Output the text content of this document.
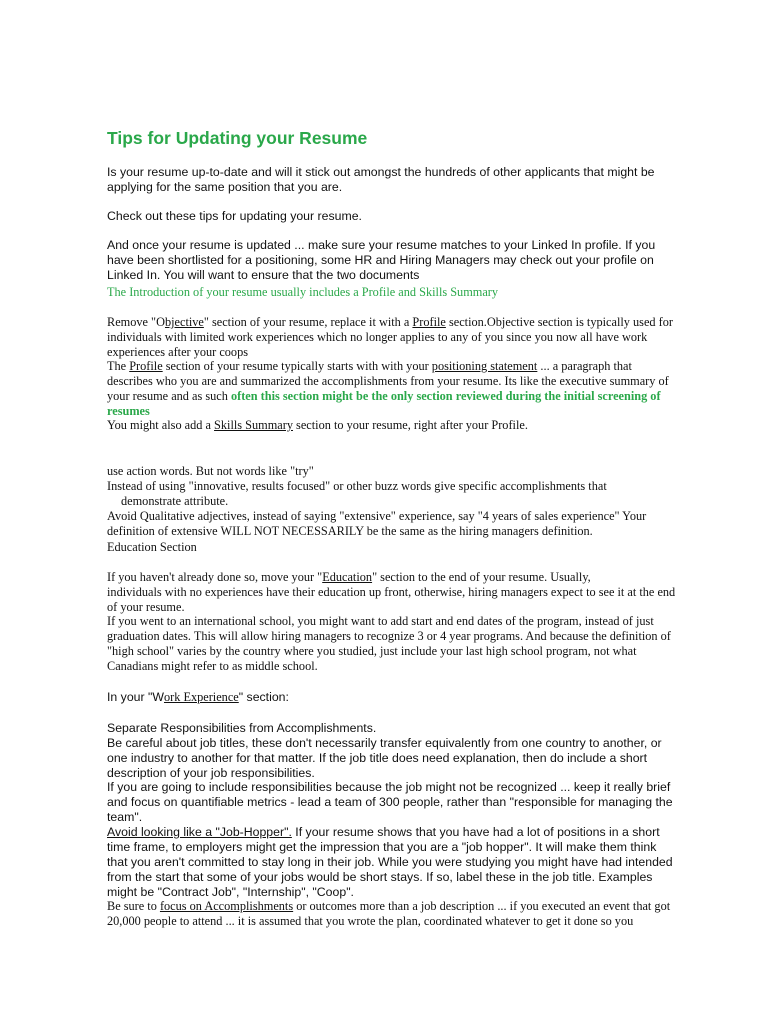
Tips for Updating your Resume

Is your resume up-to-date and will it stick out amongst the hundreds of other applicants that might be applying for the same position that you are.

Check out these tips for updating your resume.

And once your resume is updated ... make sure your resume matches to your Linked In profile. If you have been shortlisted for a positioning, some HR and Hiring Managers may check out your profile on Linked In. You will want to ensure that the two documents

The Introduction of your resume usually includes a Profile and Skills Summary

Remove "Objective" section of your resume, replace it with a Profile section.Objective section is typically used for individuals with limited work experiences which no longer applies to any of you since you now all have work experiences after your coops

The Profile section of your resume typically starts with with your positioning statement ... a paragraph that describes who you are and summarized the accomplishments from your resume. Its like the executive summary of your resume and as such often this section might be the only section reviewed during the initial screening of resumes

You might also add a Skills Summary section to your resume, right after your Profile.

use action words. But not words like "try"

Instead of using "innovative, results focused" or other buzz words give specific accomplishments that
demonstrate attribute.

Avoid Qualitative adjectives, instead of saying "extensive" experience, say "4 years of sales experience" Your definition of extensive WILL NOT NECESSARILY be the same as the hiring managers definition.

Education Section

If you haven't already done so, move your "Education" section to the end of your resume. Usually,
individuals with no experiences have their education up front, otherwise, hiring managers expect to see it at the end of your resume.

If you went to an international school, you might want to add start and end dates of the program, instead of just graduation dates. This will allow hiring managers to recognize 3 or 4 year programs. And because the definition of "high school" varies by the country where you studied, just include your last high school program, not what Canadians might refer to as middle school.

In your "Work Experience" section:

Separate Responsibilities from Accomplishments.

Be careful about job titles, these don't necessarily transfer equivalently from one country to another, or one industry to another for that matter. If the job title does need explanation, then do include a short description of your job responsibilities.

If you are going to include responsibilities because the job might not be recognized ... keep it really brief and focus on quantifiable metrics - lead a team of 300 people, rather than "responsible for managing the team".

Avoid looking like a "Job-Hopper". If your resume shows that you have had a lot of positions in a short time frame, to employers might get the impression that you are a "job hopper". It will make them think that you aren't committed to stay long in their job. While you were studying you might have had intended from the start that some of your jobs would be short stays. If so, label these in the job title. Examples might be "Contract Job", "Internship", "Coop".

Be sure to focus on Accomplishments or outcomes more than a job description ... if you executed an event that got 20,000 people to attend ... it is assumed that you wrote the plan, coordinated whatever to get it done so you
